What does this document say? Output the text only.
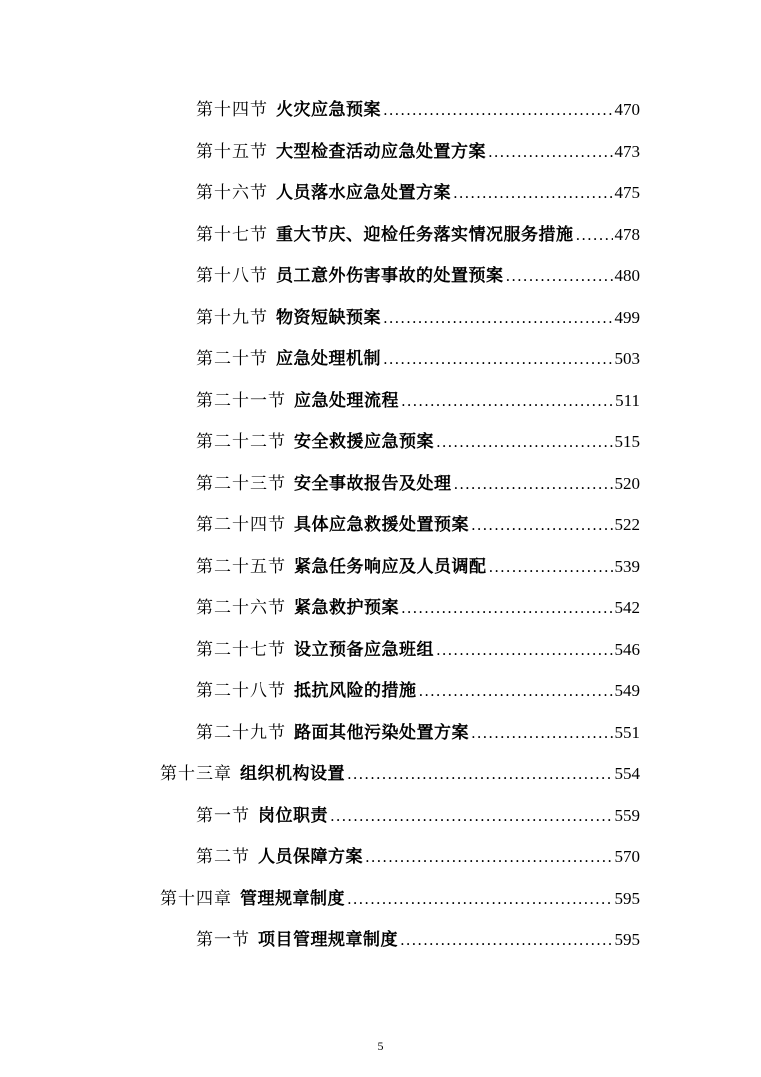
第十四节 火灾应急预案 .....	470
第十五节 大型检查活动应急处置方案 .....	473
第十六节 人员落水应急处置方案 .....	475
第十七节 重大节庆、迎检任务落实情况服务措施 ..... 478
第十八节 员工意外伤害事故的处置预案 .....	480
第十九节 物资短缺预案 .....	499
第二十节 应急处理机制 .....	503
第二十一节 应急处理流程 .....	511
第二十二节 安全救援应急预案 .....	515
第二十三节 安全事故报告及处理 .....	520
第二十四节 具体应急救援处置预案 .....	522
第二十五节 紧急任务响应及人员调配 .....	539
第二十六节 紧急救护预案 .....	542
第二十七节 设立预备应急班组 .....	546
第二十八节 抵抗风险的措施 .....	549
第二十九节 路面其他污染处置方案 .....	551
第十三章 组织机构设置 .....	554
第一节 岗位职责 .....	559
第二节 人员保障方案 .....	570
第十四章 管理规章制度 .....	595
第一节 项目管理规章制度 .....	595
5
